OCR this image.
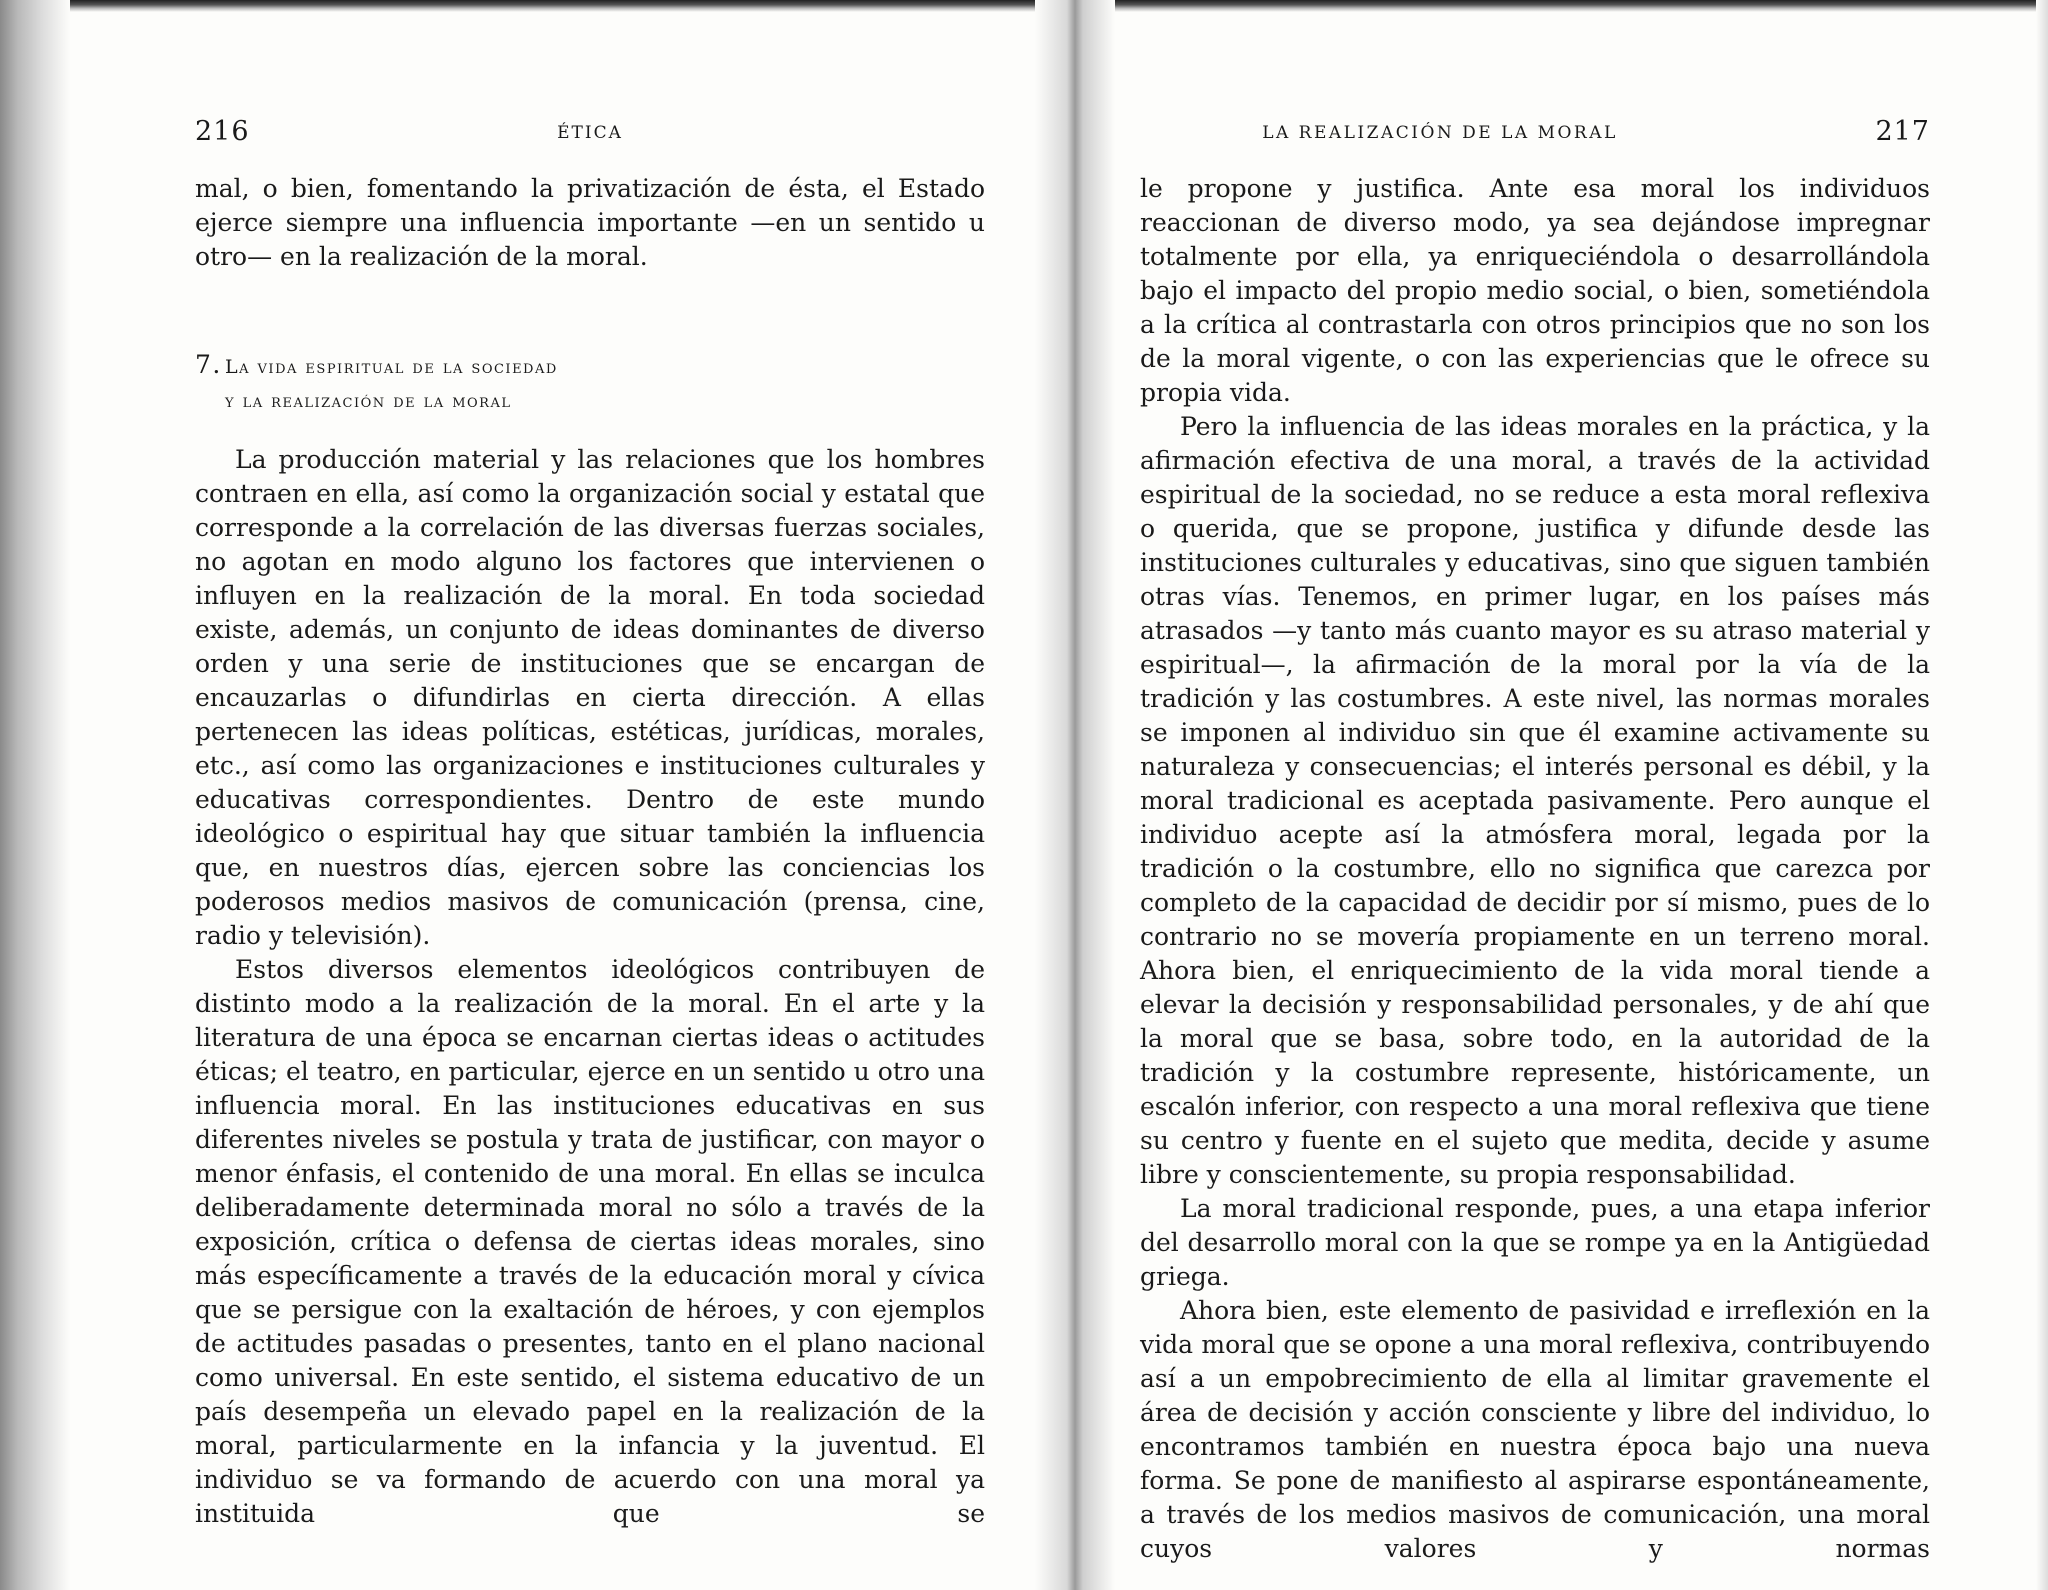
216	ÉTICA

mal, o bien, fomentando la privatización de ésta, el Estado ejerce siempre una influencia importante —en un sentido u otro— en la realización de la moral.

7. La vida espiritual de la sociedad
y la realización de la moral

La producción material y las relaciones que los hombres contraen en ella, así como la organización social y estatal que corresponde a la correlación de las diversas fuerzas sociales, no agotan en modo alguno los factores que intervienen o influyen en la realización de la moral. En toda sociedad existe, además, un conjunto de ideas dominantes de diverso orden y una serie de instituciones que se encargan de encauzarlas o difundirlas en cierta dirección. A ellas pertenecen las ideas políticas, estéticas, jurídicas, morales, etc., así como las organizaciones e instituciones culturales y educativas correspondientes. Dentro de este mundo ideológico o espiritual hay que situar también la influencia que, en nuestros días, ejercen sobre las conciencias los poderosos medios masivos de comunicación (prensa, cine, radio y televisión).

Estos diversos elementos ideológicos contribuyen de distinto modo a la realización de la moral. En el arte y la literatura de una época se encarnan ciertas ideas o actitudes éticas; el teatro, en particular, ejerce en un sentido u otro una influencia moral. En las instituciones educativas en sus diferentes niveles se postula y trata de justificar, con mayor o menor énfasis, el contenido de una moral. En ellas se inculca deliberadamente determinada moral no sólo a través de la exposición, crítica o defensa de ciertas ideas morales, sino más específicamente a través de la educación moral y cívica que se persigue con la exaltación de héroes, y con ejemplos de actitudes pasadas o presentes, tanto en el plano nacional como universal. En este sentido, el sistema educativo de un país desempeña un elevado papel en la realización de la moral, particularmente en la infancia y la juventud. El individuo se va formando de acuerdo con una moral ya instituida que se

LA REALIZACIÓN DE LA MORAL	217

le propone y justifica. Ante esa moral los individuos reaccionan de diverso modo, ya sea dejándose impregnar totalmente por ella, ya enriqueciéndola o desarrollándola bajo el impacto del propio medio social, o bien, sometiéndola a la crítica al contrastarla con otros principios que no son los de la moral vigente, o con las experiencias que le ofrece su propia vida.

Pero la influencia de las ideas morales en la práctica, y la afirmación efectiva de una moral, a través de la actividad espiritual de la sociedad, no se reduce a esta moral reflexiva o querida, que se propone, justifica y difunde desde las instituciones culturales y educativas, sino que siguen también otras vías. Tenemos, en primer lugar, en los países más atrasados —y tanto más cuanto mayor es su atraso material y espiritual—, la afirmación de la moral por la vía de la tradición y las costumbres. A este nivel, las normas morales se imponen al individuo sin que él examine activamente su naturaleza y consecuencias; el interés personal es débil, y la moral tradicional es aceptada pasivamente. Pero aunque el individuo acepte así la atmósfera moral, legada por la tradición o la costumbre, ello no significa que carezca por completo de la capacidad de decidir por sí mismo, pues de lo contrario no se movería propiamente en un terreno moral. Ahora bien, el enriquecimiento de la vida moral tiende a elevar la decisión y responsabilidad personales, y de ahí que la moral que se basa, sobre todo, en la autoridad de la tradición y la costumbre represente, históricamente, un escalón inferior, con respecto a una moral reflexiva que tiene su centro y fuente en el sujeto que medita, decide y asume libre y conscientemente, su propia responsabilidad.

La moral tradicional responde, pues, a una etapa inferior del desarrollo moral con la que se rompe ya en la Antigüedad griega.

Ahora bien, este elemento de pasividad e irreflexión en la vida moral que se opone a una moral reflexiva, contribuyendo así a un empobrecimiento de ella al limitar gravemente el área de decisión y acción consciente y libre del individuo, lo encontramos también en nuestra época bajo una nueva forma. Se pone de manifiesto al aspirarse espontáneamente, a través de los medios masivos de comunicación, una moral cuyos valores y normas
